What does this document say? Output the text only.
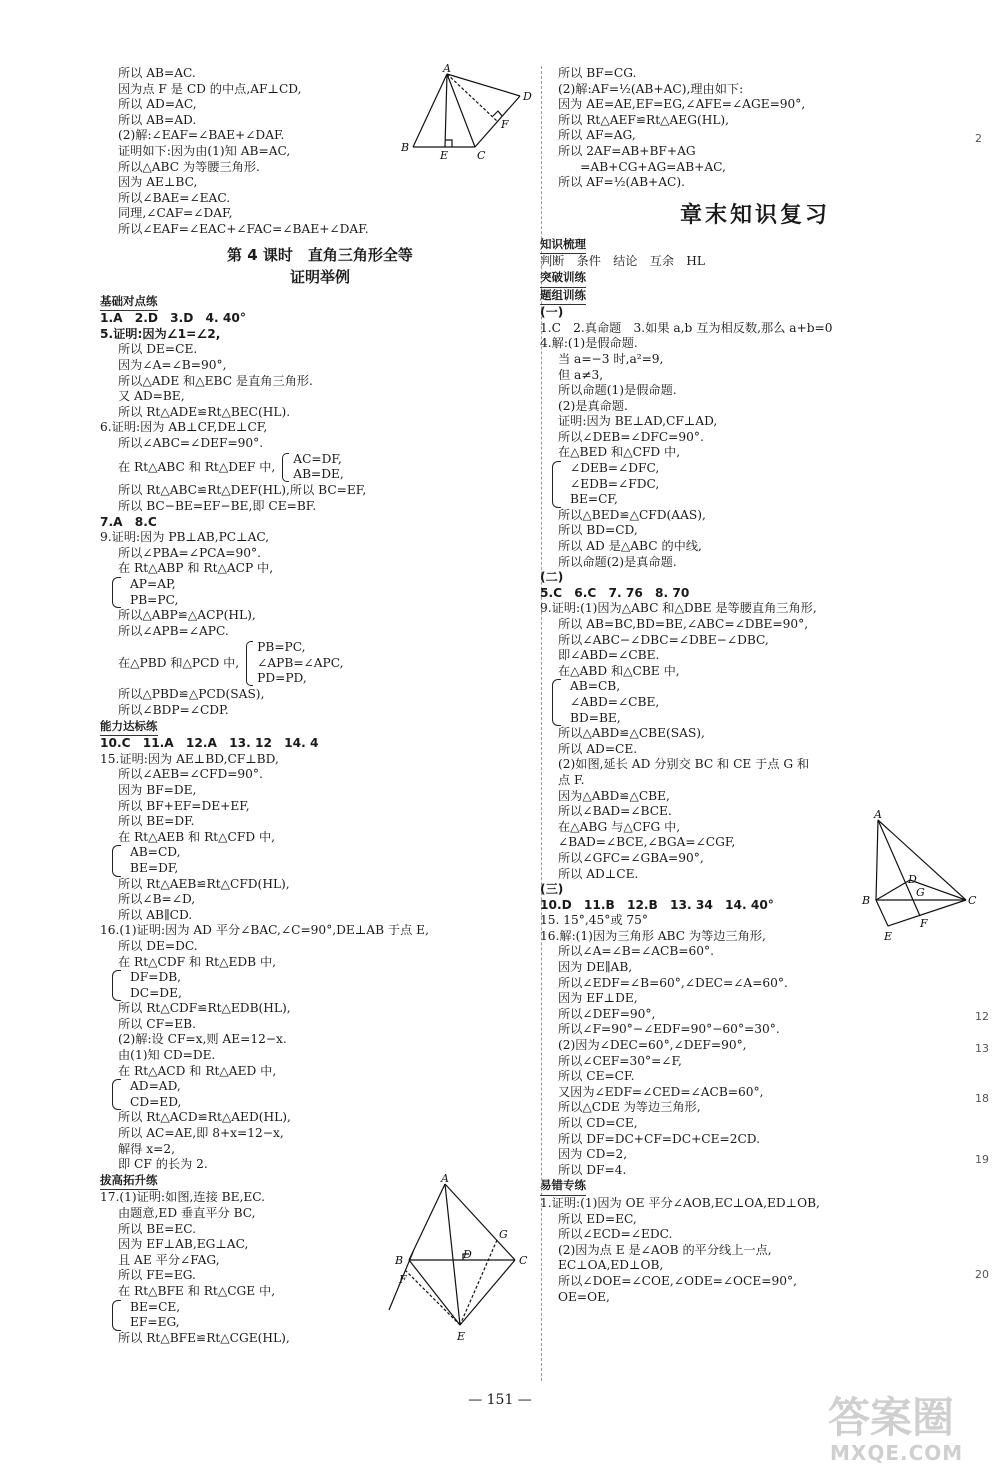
所以 AB=AC.
因为点 F 是 CD 的中点,AF⊥CD,
所以 AD=AC,
所以 AB=AD.
(2)解:∠EAF=∠BAE+∠DAF.
证明如下:因为由(1)知 AB=AC,
所以△ABC 为等腰三角形.
因为 AE⊥BC,
所以∠BAE=∠EAC.
同理,∠CAF=∠DAF,
所以∠EAF=∠EAC+∠FAC=∠BAE+∠DAF.
第 4 课时　直角三角形全等
证明举例
基础对点练
1.A　2.D　3.D　4. 40°
5.证明:因为∠1=∠2,
所以 DE=CE.
因为∠A=∠B=90°,
所以△ADE 和△EBC 是直角三角形.
又 AD=BE,
所以 Rt△ADE≌Rt△BEC(HL).
6.证明:因为 AB⊥CF,DE⊥CF,
所以∠ABC=∠DEF=90°.
在 Rt△ABC 和 Rt△DEF 中,
AC=DF,
AB=DE,
所以 Rt△ABC≌Rt△DEF(HL),所以 BC=EF,
所以 BC−BE=EF−BE,即 CE=BF.
7.A　8.C
9.证明:因为 PB⊥AB,PC⊥AC,
所以∠PBA=∠PCA=90°.
在 Rt△ABP 和 Rt△ACP 中,
AP=AP,
PB=PC,
所以△ABP≌△ACP(HL),
所以∠APB=∠APC.
在△PBD 和△PCD 中,
PB=PC,
∠APB=∠APC,
PD=PD,
所以△PBD≌△PCD(SAS),
所以∠BDP=∠CDP.
能力达标练
10.C　11.A　12.A　13. 12　14. 4
15.证明:因为 AE⊥BD,CF⊥BD,
所以∠AEB=∠CFD=90°.
因为 BF=DE,
所以 BF+EF=DE+EF,
所以 BE=DF.
在 Rt△AEB 和 Rt△CFD 中,
AB=CD,
BE=DF,
所以 Rt△AEB≌Rt△CFD(HL),
所以∠B=∠D,
所以 AB∥CD.
16.(1)证明:因为 AD 平分∠BAC,∠C=90°,DE⊥AB 于点 E,
所以 DE=DC.
在 Rt△CDF 和 Rt△EDB 中,
DF=DB,
DC=DE,
所以 Rt△CDF≌Rt△EDB(HL),
所以 CF=EB.
(2)解:设 CF=x,则 AE=12−x.
由(1)知 CD=DE.
在 Rt△ACD 和 Rt△AED 中,
AD=AD,
CD=ED,
所以 Rt△ACD≌Rt△AED(HL),
所以 AC=AE,即 8+x=12−x,
解得 x=2,
即 CF 的长为 2.
拔高拓升练
17.(1)证明:如图,连接 BE,EC.
由题意,ED 垂直平分 BC,
所以 BE=EC.
因为 EF⊥AB,EG⊥AC,
且 AE 平分∠FAG,
所以 FE=EG.
在 Rt△BFE 和 Rt△CGE 中,
BE=CE,
EF=EG,
所以 Rt△BFE≌Rt△CGE(HL),
所以 BF=CG.
(2)解:AF=½(AB+AC),理由如下:
因为 AE=AE,EF=EG,∠AFE=∠AGE=90°,
所以 Rt△AEF≌Rt△AEG(HL),
所以 AF=AG,
所以 2AF=AB+BF+AG
　=AB+CG+AG=AB+AC,
所以 AF=½(AB+AC).
章末知识复习
知识梳理
判断　条件　结论　互余　HL
突破训练
题组训练
(一)
1.C　2.真命题　3.如果 a,b 互为相反数,那么 a+b=0
4.解:(1)是假命题.
当 a=−3 时,a²=9,
但 a≠3,
所以命题(1)是假命题.
(2)是真命题.
证明:因为 BE⊥AD,CF⊥AD,
所以∠DEB=∠DFC=90°.
在△BED 和△CFD 中,
∠DEB=∠DFC,
∠EDB=∠FDC,
BE=CF,
所以△BED≌△CFD(AAS),
所以 BD=CD,
所以 AD 是△ABC 的中线,
所以命题(2)是真命题.
(二)
5.C　6.C　7. 76　8. 70
9.证明:(1)因为△ABC 和△DBE 是等腰直角三角形,
所以 AB=BC,BD=BE,∠ABC=∠DBE=90°,
所以∠ABC−∠DBC=∠DBE−∠DBC,
即∠ABD=∠CBE.
在△ABD 和△CBE 中,
AB=CB,
∠ABD=∠CBE,
BD=BE,
所以△ABD≌△CBE(SAS),
所以 AD=CE.
(2)如图,延长 AD 分别交 BC 和 CE 于点 G 和
点 F.
因为△ABD≌△CBE,
所以∠BAD=∠BCE.
在△ABG 与△CFG 中,
∠BAD=∠BCE,∠BGA=∠CGF,
所以∠GFC=∠GBA=90°,
所以 AD⊥CE.
(三)
10.D　11.B　12.B　13. 34　14. 40°
15. 15°,45°或 75°
16.解:(1)因为三角形 ABC 为等边三角形,
所以∠A=∠B=∠ACB=60°.
因为 DE∥AB,
所以∠EDF=∠B=60°,∠DEC=∠A=60°.
因为 EF⊥DE,
所以∠DEF=90°,
所以∠F=90°−∠EDF=90°−60°=30°.
(2)因为∠DEC=60°,∠DEF=90°,
所以∠CEF=30°=∠F,
所以 CE=CF.
又因为∠EDF=∠CED=∠ACB=60°,
所以△CDE 为等边三角形,
所以 CD=CE,
所以 DF=DC+CF=DC+CE=2CD.
因为 CD=2,
所以 DF=4.
易错专练
1.证明:(1)因为 OE 平分∠AOB,EC⊥OA,ED⊥OB,
所以 ED=EC,
所以∠ECD=∠EDC.
(2)因为点 E 是∠AOB 的平分线上一点,
EC⊥OA,ED⊥OB,
所以∠DOE=∠COE,∠ODE=∠OCE=90°,
OE=OE,
A
B
C
D
E
F
A
B	C
D
E
F
G
A
B	C
D
E
F
G
2
12
13
18
19
20
— 151 —	答案圈
MXQE.COM
